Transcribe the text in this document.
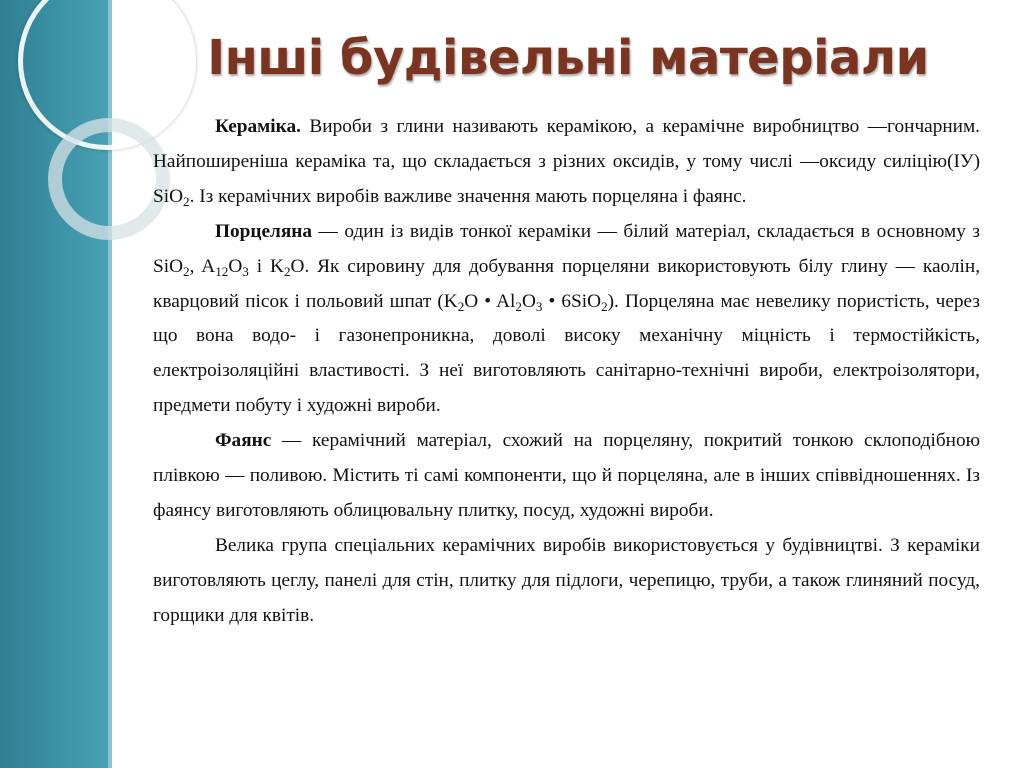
Інші будівельні матеріали

Кераміка. Вироби з глини називають керамікою, а керамічне виробництво —гончарним. Найпоширеніша кераміка та, що складається з різних оксидів, у тому числі —оксиду силіцію(ІУ) SiO$_2$. Із керамічних виробів важливе значення мають порцеляна і фаянс.

Порцеляна — один із видів тонкої кераміки — білий матеріал, складається в основному з SiO$_2$, $A_{12}O_3$ і $K_2O$. Як сировину для добування порцеляни використовують білу глину — каолін, кварцовий пісок і польовий шпат ($K_2O$ • $Al_2O_3$ • 6SiO$_2$). Порцеляна має невелику пористість, через що вона водо- і газонепроникна, доволі високу механічну міцність і термостійкість, електроізоляційні властивості. З неї виготовляють санітарно-технічні вироби, електроізолятори, предмети побуту і художні вироби.

Фаянс — керамічний матеріал, схожий на порцеляну, покритий тонкою склоподібною плівкою — поливою. Містить ті самі компоненти, що й порцеляна, але в інших співвідношеннях. Із фаянсу виготовляють облицювальну плитку, посуд, художні вироби.

Велика група спеціальних керамічних виробів використовується у будівництві. З кераміки виготовляють цеглу, панелі для стін, плитку для підлоги, черепицю, труби, а також глиняний посуд, горщики для квітів.
